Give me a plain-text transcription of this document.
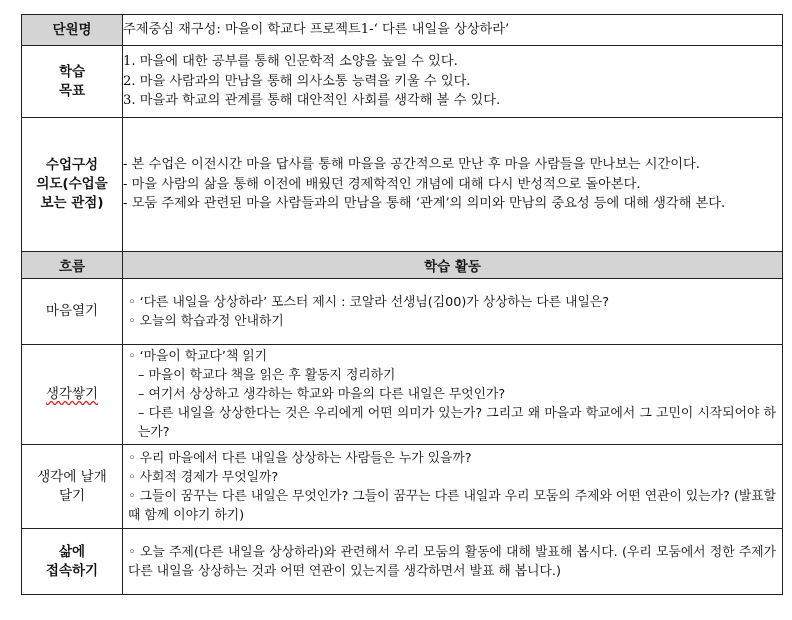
단원명	주제중심 재구성: 마을이 학교다 프로젝트1-‘ 다른 내일을 상상하라’

학습
목표	1. 마을에 대한 공부를 통해 인문학적 소양을 높일 수 있다.
2. 마을 사람과의 만남을 통해 의사소통 능력을 키울 수 있다.
3. 마을과 학교의 관계를 통해 대안적인 사회를 생각해 볼 수 있다.

수업구성
의도(수업을
보는 관점)	- 본 수업은 이전시간 마을 답사를 통해 마을을 공간적으로 만난 후 마을 사람들을 만나보는 시간이다.
- 마을 사람의 삶을 통해 이전에 배웠던 경제학적인 개념에 대해 다시 반성적으로 돌아본다.
- 모둠 주제와 관련된 마을 사람들과의 만남을 통해 ‘관계’의 의미와 만남의 중요성 등에 대해 생각해 본다.

흐름	학습 활동
마음열기	◦ ‘다른 내일을 상상하라’ 포스터 제시 : 코알라 선생님(김00)가 상상하는 다른 내일은?
◦ 오늘의 학습과정 안내하기

생각쌓기	◦ ‘마을이 학교다’책 읽기
– 마을이 학교다 책을 읽은 후 활동지 정리하기
– 여기서 상상하고 생각하는 학교와 마을의 다른 내일은 무엇인가?
– 다른 내일을 상상한다는 것은 우리에게 어떤 의미가 있는가? 그리고 왜 마을과 학교에서 그 고민이 시작되어야 하는가?

생각에 날개
달기	◦ 우리 마을에서 다른 내일을 상상하는 사람들은 누가 있을까?
◦ 사회적 경제가 무엇일까?
◦ 그들이 꿈꾸는 다른 내일은 무엇인가? 그들이 꿈꾸는 다른 내일과 우리 모둠의 주제와 어떤 연관이 있는가? (발표할 때 함께 이야기 하기)

삶에
접속하기	◦ 오늘 주제(다른 내일을 상상하라)와 관련해서 우리 모둠의 활동에 대해 발표해 봅시다. (우리 모둠에서 정한 주제가 다른 내일을 상상하는 것과 어떤 연관이 있는지를 생각하면서 발표 해 봅니다.)
